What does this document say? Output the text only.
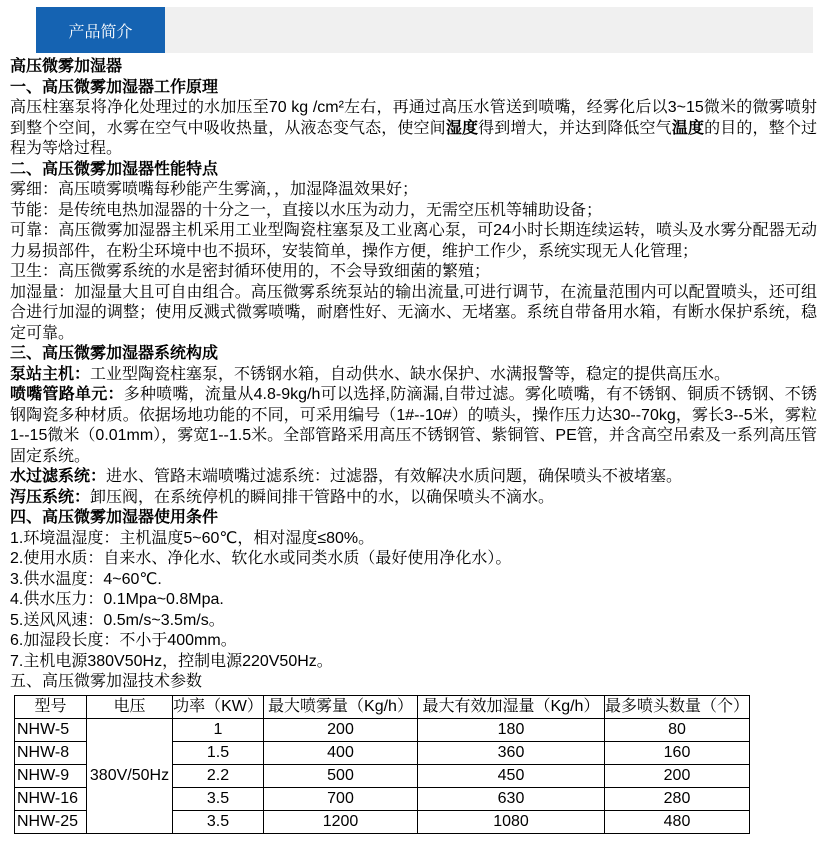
产品简介

高压微雾加湿器

一、高压微雾加湿器工作原理

高压柱塞泵将净化处理过的水加压至70 kg /cm²左右，再通过高压水管送到喷嘴，经雾化后以3~15微米的微雾喷射到整个空间，水雾在空气中吸收热量，从液态变气态，使空间湿度得到增大，并达到降低空气温度的目的，整个过程为等焓过程。

二、高压微雾加湿器性能特点

雾细：高压喷雾喷嘴每秒能产生雾滴，，加湿降温效果好；

节能：是传统电热加湿器的十分之一，直接以水压为动力，无需空压机等辅助设备；

可靠：高压微雾加湿器主机采用工业型陶瓷柱塞泵及工业离心泵，可24小时长期连续运转，喷头及水雾分配器无动力易损部件，在粉尘环境中也不损环，安装简单，操作方便，维护工作少，系统实现无人化管理；

卫生：高压微雾系统的水是密封循环使用的，不会导致细菌的繁殖；

加湿量：加湿量大且可自由组合。高压微雾系统泵站的输出流量,可进行调节，在流量范围内可以配置喷头，还可组合进行加湿的调整；使用反溅式微雾喷嘴，耐磨性好、无滴水、无堵塞。系统自带备用水箱，有断水保护系统，稳定可靠。

三、高压微雾加湿器系统构成

泵站主机：工业型陶瓷柱塞泵，不锈钢水箱，自动供水、缺水保护、水满报警等，稳定的提供高压水。

喷嘴管路单元：多种喷嘴，流量从4.8-9kg/h可以选择,防滴漏,自带过滤。雾化喷嘴，有不锈钢、铜质不锈钢、不锈钢陶瓷多种材质。依据场地功能的不同，可采用编号（1#--10#）的喷头，操作压力达30--70kg，雾长3--5米，雾粒1--15微米（0.01mm），雾宽1--1.5米。全部管路采用高压不锈钢管、紫铜管、PE管，并含高空吊索及一系列高压管固定系统。

水过滤系统：进水、管路末端喷嘴过滤系统：过滤器，有效解决水质问题，确保喷头不被堵塞。

泻压系统：卸压阀，在系统停机的瞬间排干管路中的水，以确保喷头不滴水。

四、高压微雾加湿器使用条件

1.环境温湿度：主机温度5~60℃，相对湿度≤80%。

2.使用水质：自来水、净化水、软化水或同类水质（最好使用净化水）。

3.供水温度：4~60℃.

4.供水压力：0.1Mpa~0.8Mpa.

5.送风风速：0.5m/s~3.5m/s。

6.加湿段长度：不小于400mm。

7.主机电源380V50Hz，控制电源220V50Hz。

五、高压微雾加湿技术参数

型号	电压	功率（KW）	最大喷雾量（Kg/h）	最大有效加湿量（Kg/h）	最多喷头数量（个）
NHW-5	380V/50Hz	1	200	180	80
NHW-8		1.5	400	360	160
NHW-9		2.2	500	450	200
NHW-16		3.5	700	630	280
NHW-25		3.5	1200	1080	480
